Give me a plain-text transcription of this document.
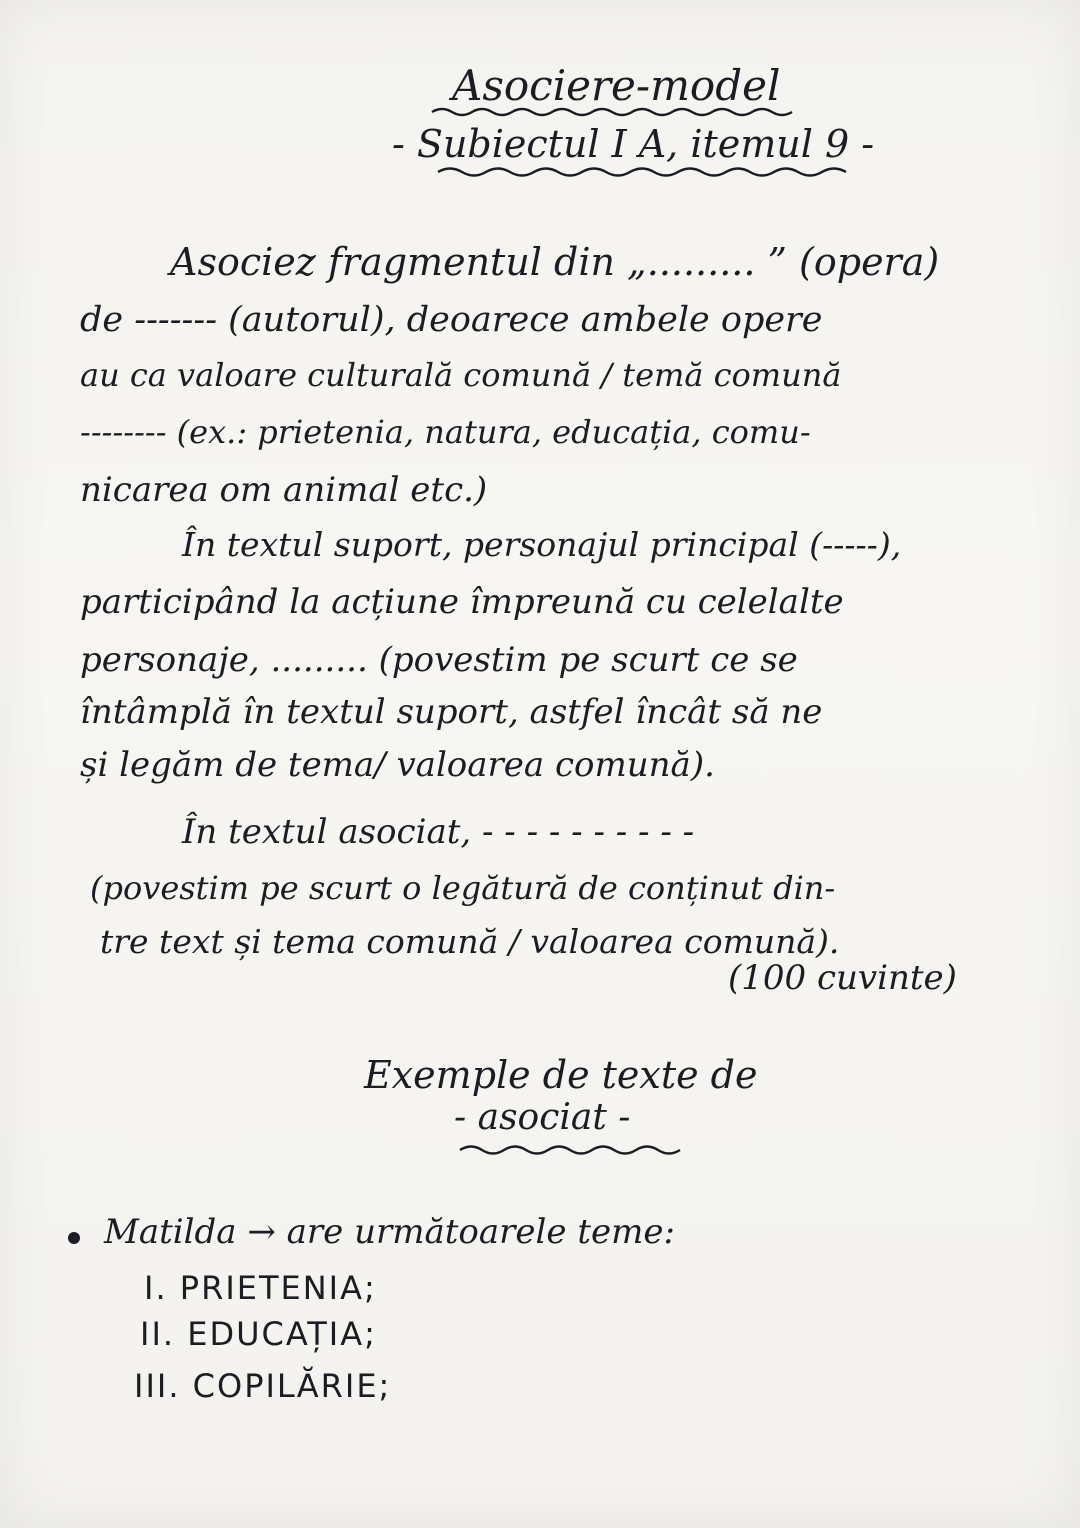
Asociere-model
- Subiectul I A, itemul 9 -
Asociez fragmentul din „......... ” (opera)
de ------- (autorul), deoarece ambele opere
au ca valoare culturală comună / temă comună
-------- (ex.: prietenia, natura, educația, comu-
nicarea om animal etc.)
În textul suport, personajul principal (-----),
participând la acțiune împreună cu celelalte
personaje, ......... (povestim pe scurt ce se
întâmplă în textul suport, astfel încât să ne
și legăm de tema/ valoarea comună).
În textul asociat, - - - - - - - - - -
(povestim pe scurt o legătură de conținut din-
tre text și tema comună / valoarea comună).
(100 cuvinte)
Exemple de texte de
- asociat -
Matilda → are următoarele teme:
I. PRIETENIA;
II. EDUCAȚIA;
III. COPILĂRIE;
